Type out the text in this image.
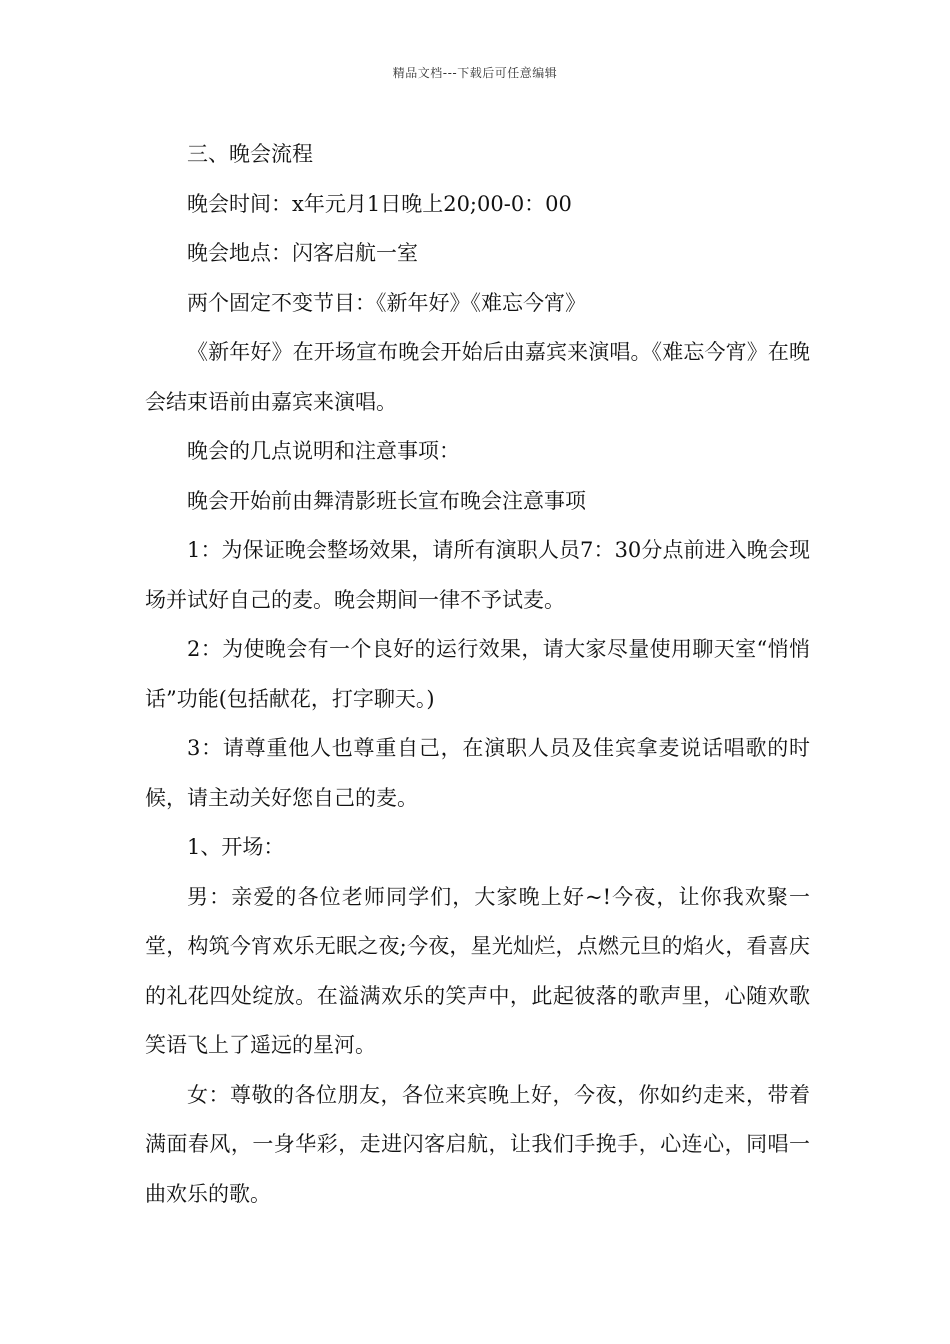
精品文档---下载后可任意编辑

三、晚会流程

晚会时间：x年元月1日晚上20;00-0：00

晚会地点：闪客启航一室

两个固定不变节目：《新年好》《难忘今宵》

《新年好》在开场宣布晚会开始后由嘉宾来演唱。《难忘今宵》在晚会结束语前由嘉宾来演唱。

晚会的几点说明和注意事项：

晚会开始前由舞清影班长宣布晚会注意事项

1：为保证晚会整场效果，请所有演职人员7：30分点前进入晚会现场并试好自己的麦。晚会期间一律不予试麦。

2：为使晚会有一个良好的运行效果，请大家尽量使用聊天室“悄悄话”功能(包括献花，打字聊天。)

3：请尊重他人也尊重自己，在演职人员及佳宾拿麦说话唱歌的时候，请主动关好您自己的麦。

1、开场：

男：亲爱的各位老师同学们，大家晚上好~!今夜，让你我欢聚一堂，构筑今宵欢乐无眠之夜;今夜，星光灿烂，点燃元旦的焰火，看喜庆的礼花四处绽放。在溢满欢乐的笑声中，此起彼落的歌声里，心随欢歌笑语飞上了遥远的星河。

女：尊敬的各位朋友，各位来宾晚上好，今夜，你如约走来，带着满面春风，一身华彩，走进闪客启航，让我们手挽手，心连心，同唱一曲欢乐的歌。
